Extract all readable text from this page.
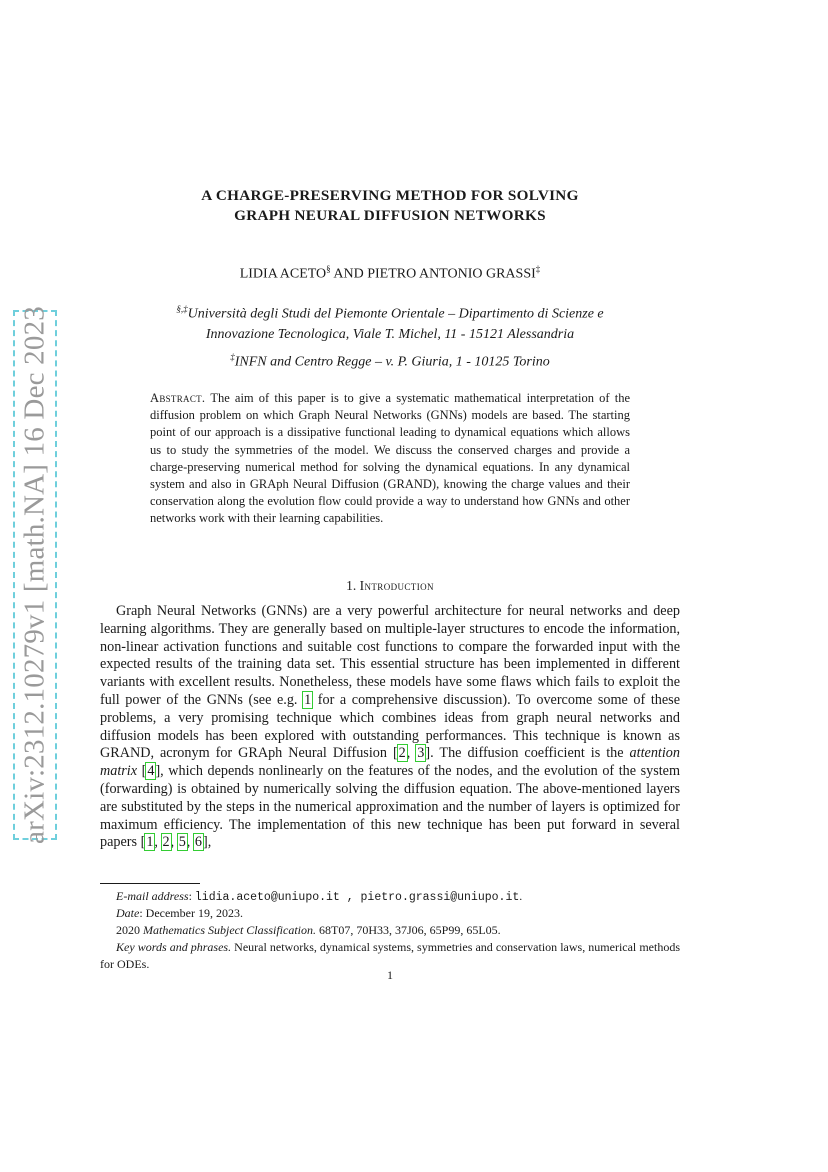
arXiv:2312.10279v1 [math.NA] 16 Dec 2023
A CHARGE-PRESERVING METHOD FOR SOLVING
GRAPH NEURAL DIFFUSION NETWORKS
LIDIA ACETO§ AND PIETRO ANTONIO GRASSI‡
§,‡Università degli Studi del Piemonte Orientale – Dipartimento di Scienze e
Innovazione Tecnologica, Viale T. Michel, 11 - 15121 Alessandria
‡INFN and Centro Regge – v. P. Giuria, 1 - 10125 Torino
Abstract. The aim of this paper is to give a systematic mathematical interpretation of the diffusion problem on which Graph Neural Networks (GNNs) models are based. The starting point of our approach is a dissipative functional leading to dynamical equations which allows us to study the symmetries of the model. We discuss the conserved charges and provide a charge-preserving numerical method for solving the dynamical equations. In any dynamical system and also in GRAph Neural Diffusion (GRAND), knowing the charge values and their conservation along the evolution flow could provide a way to understand how GNNs and other networks work with their learning capabilities.
1. Introduction
Graph Neural Networks (GNNs) are a very powerful architecture for neural networks and deep learning algorithms. They are generally based on multiple-layer structures to encode the information, non-linear activation functions and suitable cost functions to compare the forwarded input with the expected results of the training data set. This essential structure has been implemented in different variants with excellent results. Nonetheless, these models have some flaws which fails to exploit the full power of the GNNs (see e.g. 1 for a comprehensive discussion). To overcome some of these problems, a very promising technique which combines ideas from graph neural networks and diffusion models has been explored with outstanding performances. This technique is known as GRAND, acronym for GRAph Neural Diffusion [2, 3]. The diffusion coefficient is the attention matrix [4], which depends nonlinearly on the features of the nodes, and the evolution of the system (forwarding) is obtained by numerically solving the diffusion equation. The above-mentioned layers are substituted by the steps in the numerical approximation and the number of layers is optimized for maximum efficiency. The implementation of this new technique has been put forward in several papers [1, 2, 5, 6],
E-mail address: lidia.aceto@uniupo.it , pietro.grassi@uniupo.it.
Date: December 19, 2023.
2020 Mathematics Subject Classification. 68T07, 70H33, 37J06, 65P99, 65L05.
Key words and phrases. Neural networks, dynamical systems, symmetries and conservation laws, numerical methods for ODEs.
1
